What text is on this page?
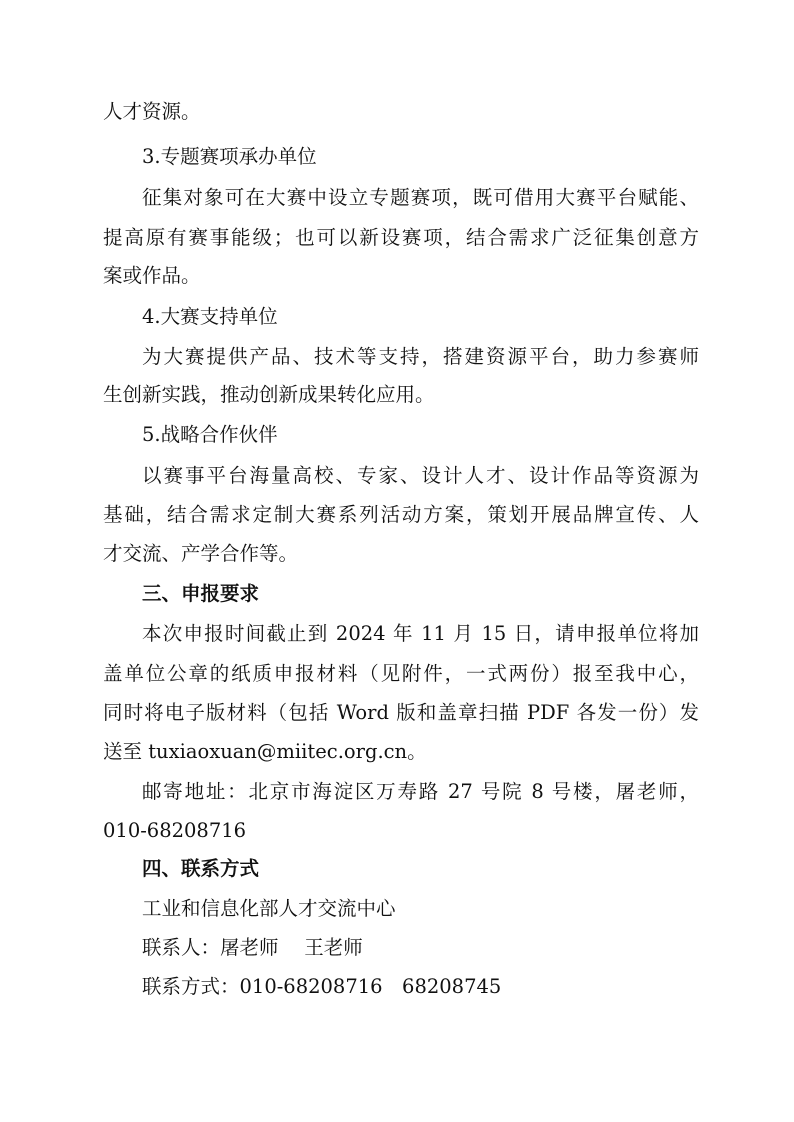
人才资源。
3.专题赛项承办单位
征集对象可在大赛中设立专题赛项，既可借用大赛平台赋能、
提高原有赛事能级；也可以新设赛项，结合需求广泛征集创意方
案或作品。
4.大赛支持单位
为大赛提供产品、技术等支持，搭建资源平台，助力参赛师
生创新实践，推动创新成果转化应用。
5.战略合作伙伴
以赛事平台海量高校、专家、设计人才、设计作品等资源为
基础，结合需求定制大赛系列活动方案，策划开展品牌宣传、人
才交流、产学合作等。
三、申报要求
本次申报时间截止到 2024 年 11 月 15 日，请申报单位将加
盖单位公章的纸质申报材料（见附件，一式两份）报至我中心，
同时将电子版材料（包括 Word 版和盖章扫描 PDF 各发一份）发
送至 tuxiaoxuan@miitec.org.cn。
邮寄地址：北京市海淀区万寿路 27 号院 8 号楼，屠老师，
010-68208716
四、联系方式
工业和信息化部人才交流中心
联系人：屠老师　 王老师
联系方式：010-68208716　68208745
